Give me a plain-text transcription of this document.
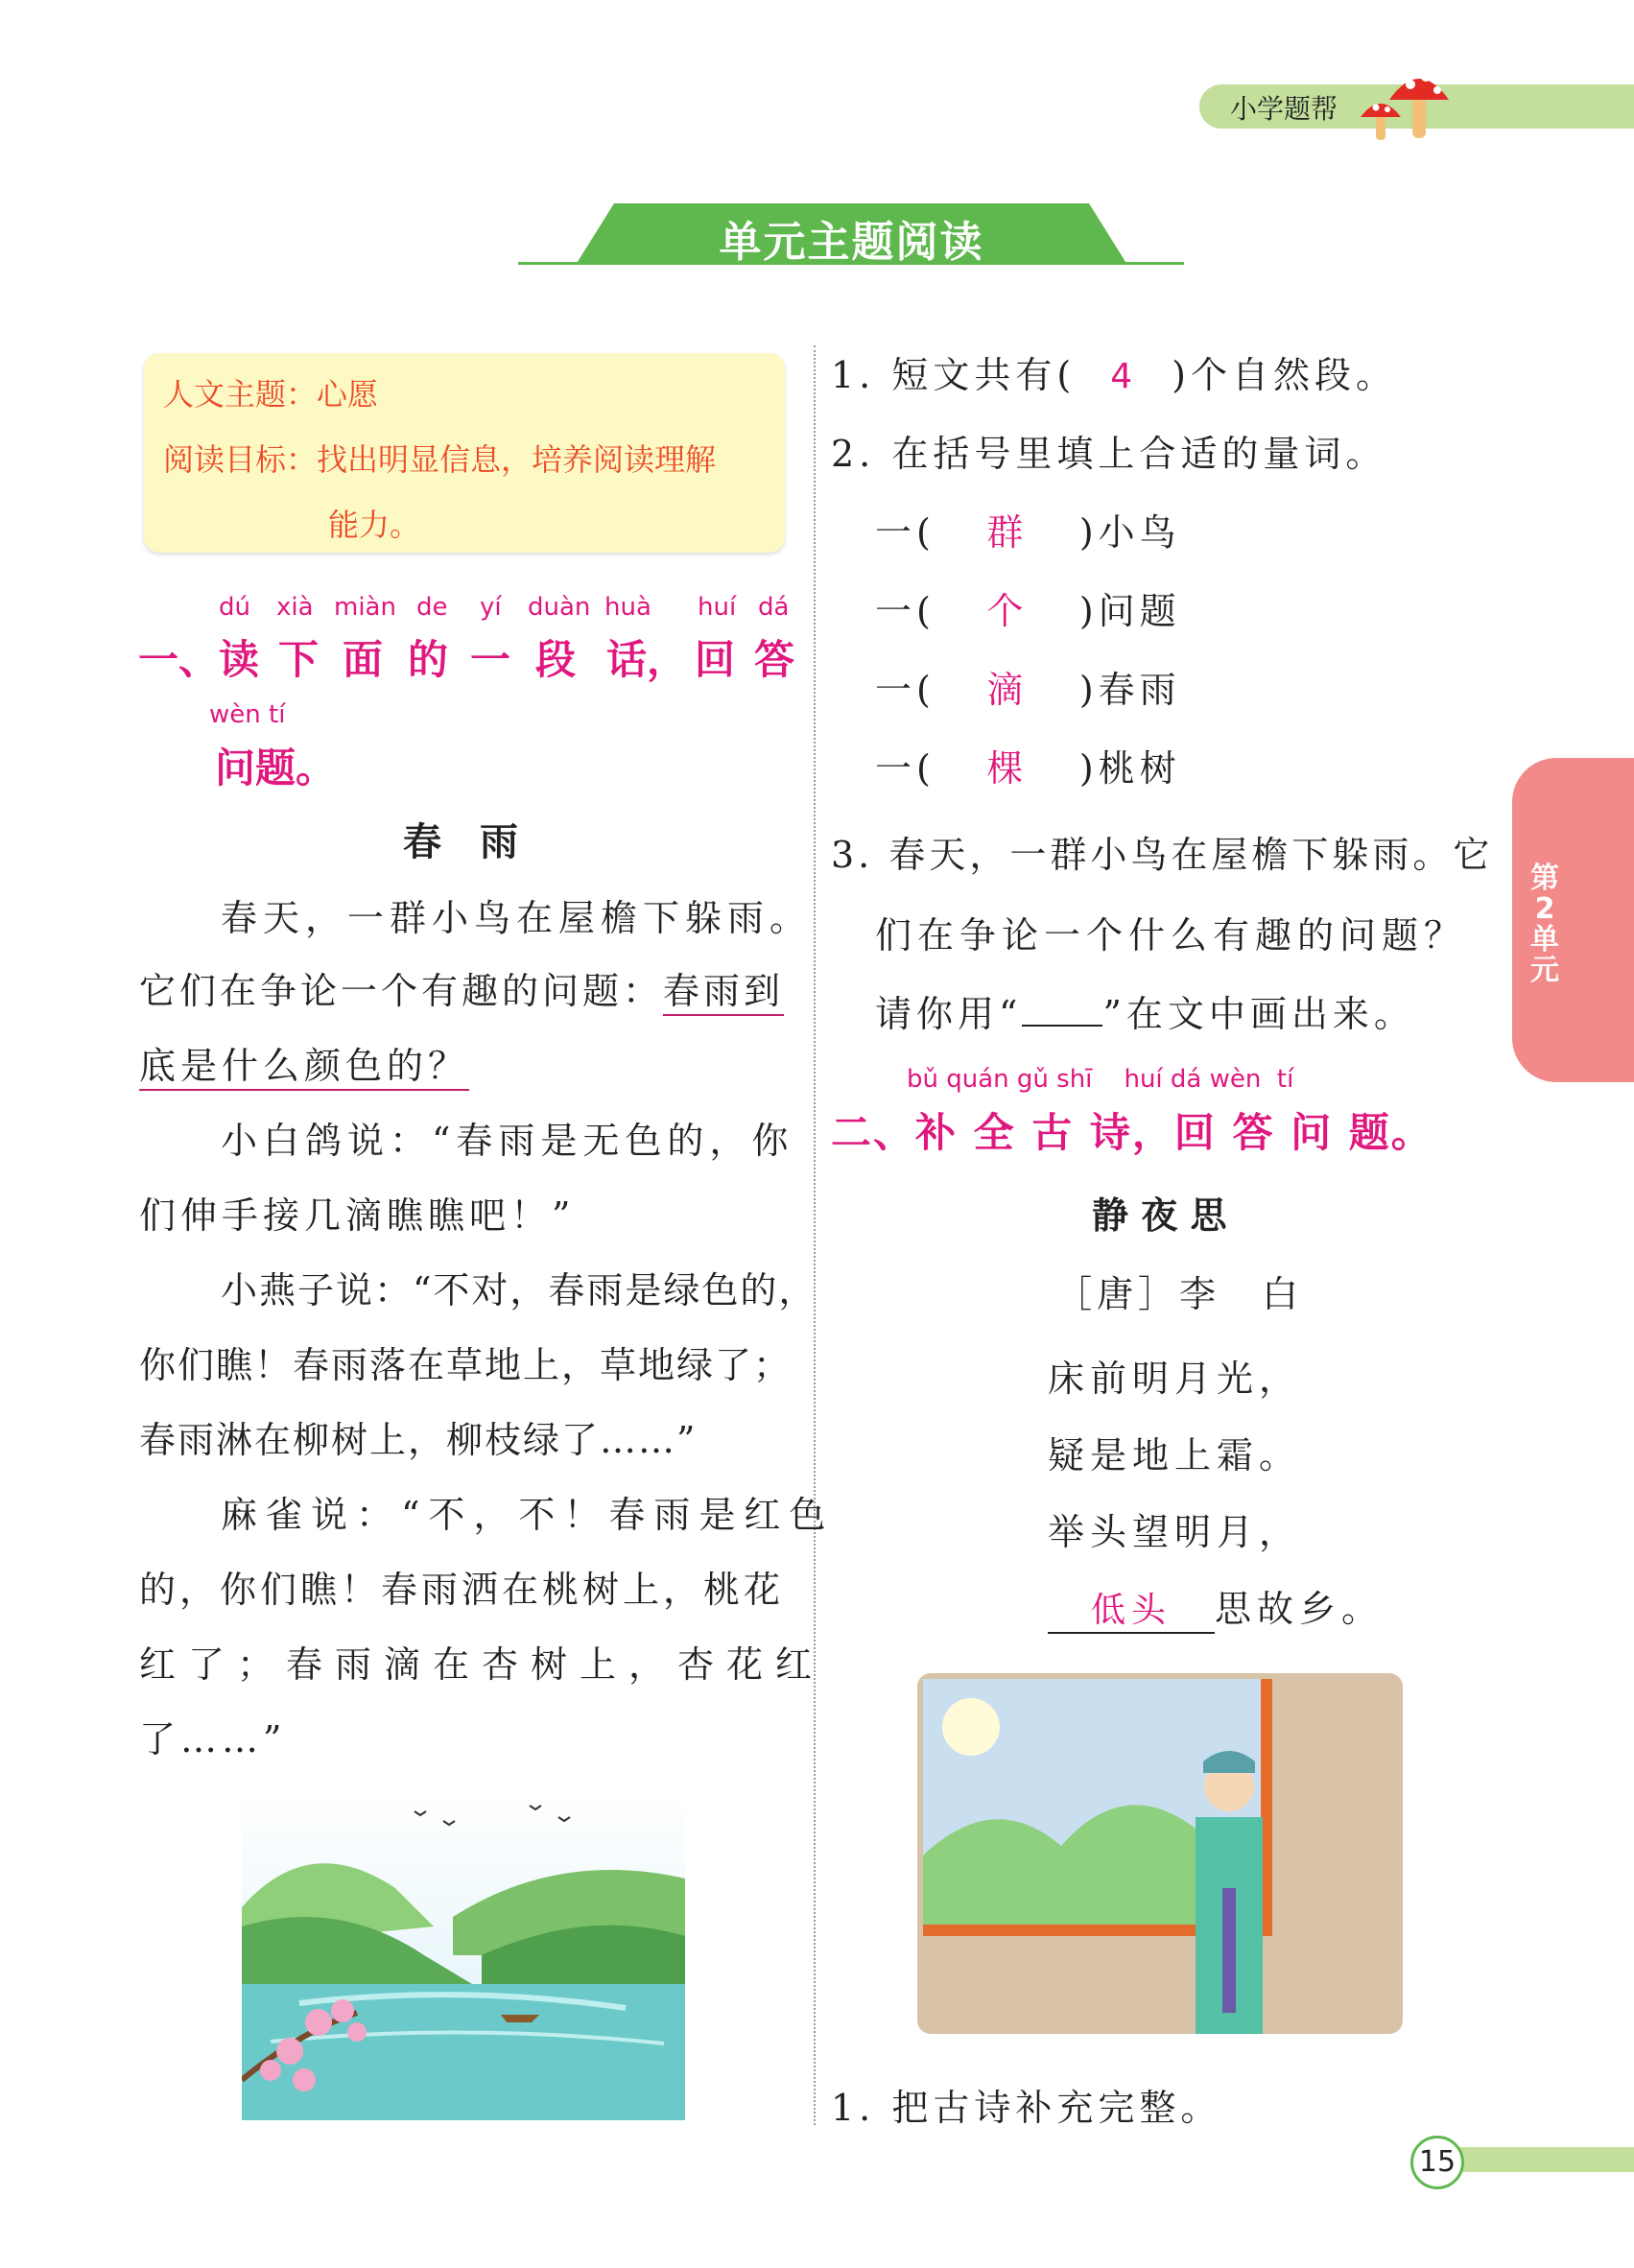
小学题帮
单元主题阅读
第2单元
人文主题：心愿
阅读目标：找出明显信息，培养阅读理解
能力。
dú xià miàn de yí duàn huà huí dá
一、读 下 面 的 一 段 话， 回 答
wèn tí
问题。
春　雨
春天，一群小鸟在屋檐下躲雨。
它们在争论一个有趣的问题：春雨到
底是什么颜色的？
小白鸽说：“春雨是无色的，你
们伸手接几滴瞧瞧吧！”
小燕子说：“不对，春雨是绿色的，
你们瞧！春雨落在草地上，草地绿了；
春雨淋在柳树上，柳枝绿了……”
麻雀说：“不，不！春雨是红色
的，你们瞧！春雨洒在桃树上，桃花
红了；春雨滴在杏树上，杏花红
了……”
1. 短文共有( 4 )个自然段。
2. 在括号里填上合适的量词。
一( 群 )小鸟
一( 个 )问题
一( 滴 )春雨
一( 棵 )桃树
3. 春天，一群小鸟在屋檐下躲雨。它
们在争论一个什么有趣的问题？
请你用“ ”在文中画出来。
bǔ quán gǔ shī    huí dá wèn  tí
二、补 全 古 诗，回 答 问 题。
静 夜 思
［唐］李　白
床前明月光，
疑是地上霜。
举头望明月，
低头 思故乡。
1. 把古诗补充完整。
15
